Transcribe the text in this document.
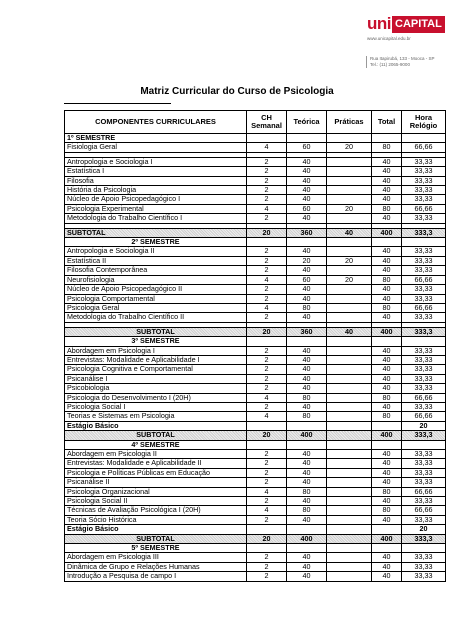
uni CAPITAL
www.unicapital.edu.br
Rua Itapirubá, 133 - Mooca - SP
Tel.: (11) 2065-9000
Matriz Curricular do Curso de Psicologia
COMPONENTES CURRICULARES	CH Semanal	Teórica	Práticas	Total	Hora Relógio
1º SEMESTRE					
Fisiologia Geral	4	60	20	80	66,66

Antropologia e Sociologia I	2	40		40	33,33
Estatística I	2	40		40	33,33
Filosofia	2	40		40	33,33
História da Psicologia	2	40		40	33,33
Núcleo de Apoio Psicopedagógico I	2	40		40	33,33
Psicologia Experimental	4	60	20	80	66,66
Metodologia do Trabalho Científico I	2	40		40	33,33

SUBTOTAL	20	360	40	400	333,3
2º SEMESTRE					
Antropologia e Sociologia II	2	40		40	33,33
Estatística II	2	20	20	40	33,33
Filosofia Contemporânea	2	40		40	33,33
Neurofisiologia	4	60	20	80	66,66
Núcleo de Apoio Psicopedagógico II	2	40		40	33,33
Psicologia Comportamental	2	40		40	33,33
Psicologia Geral	4	80		80	66,66
Metodologia do Trabalho Científico II	2	40		40	33,33

SUBTOTAL	20	360	40	400	333,3
3º SEMESTRE					
Abordagem em Psicologia I	2	40		40	33,33
Entrevistas: Modalidade e Aplicabilidade I	2	40		40	33,33
Psicologia Cognitiva e Comportamental	2	40		40	33,33
Psicanálise I	2	40		40	33,33
Psicobiologia	2	40		40	33,33
Psicologia do Desenvolvimento I (20H)	4	80		80	66,66
Psicologia Social I	2	40		40	33,33
Teorias e Sistemas em Psicologia	4	80		80	66,66
Estágio Básico					20
SUBTOTAL	20	400		400	333,3
4º SEMESTRE					
Abordagem em Psicologia II	2	40		40	33,33
Entrevistas: Modalidade e Aplicabilidade II	2	40		40	33,33
Psicologia e Políticas Públicas em Educação	2	40		40	33,33
Psicanálise II	2	40		40	33,33
Psicologia Organizacional	4	80		80	66,66
Psicologia Social II	2	40		40	33,33
Técnicas de Avaliação Psicológica I (20H)	4	80		80	66,66
Teoria Sócio Histórica	2	40		40	33,33
Estágio Básico					20
SUBTOTAL	20	400		400	333,3
5º SEMESTRE					
Abordagem em Psicologia III	2	40		40	33,33
Dinâmica de Grupo e Relações Humanas	2	40		40	33,33
Introdução a Pesquisa de campo I	2	40		40	33,33
